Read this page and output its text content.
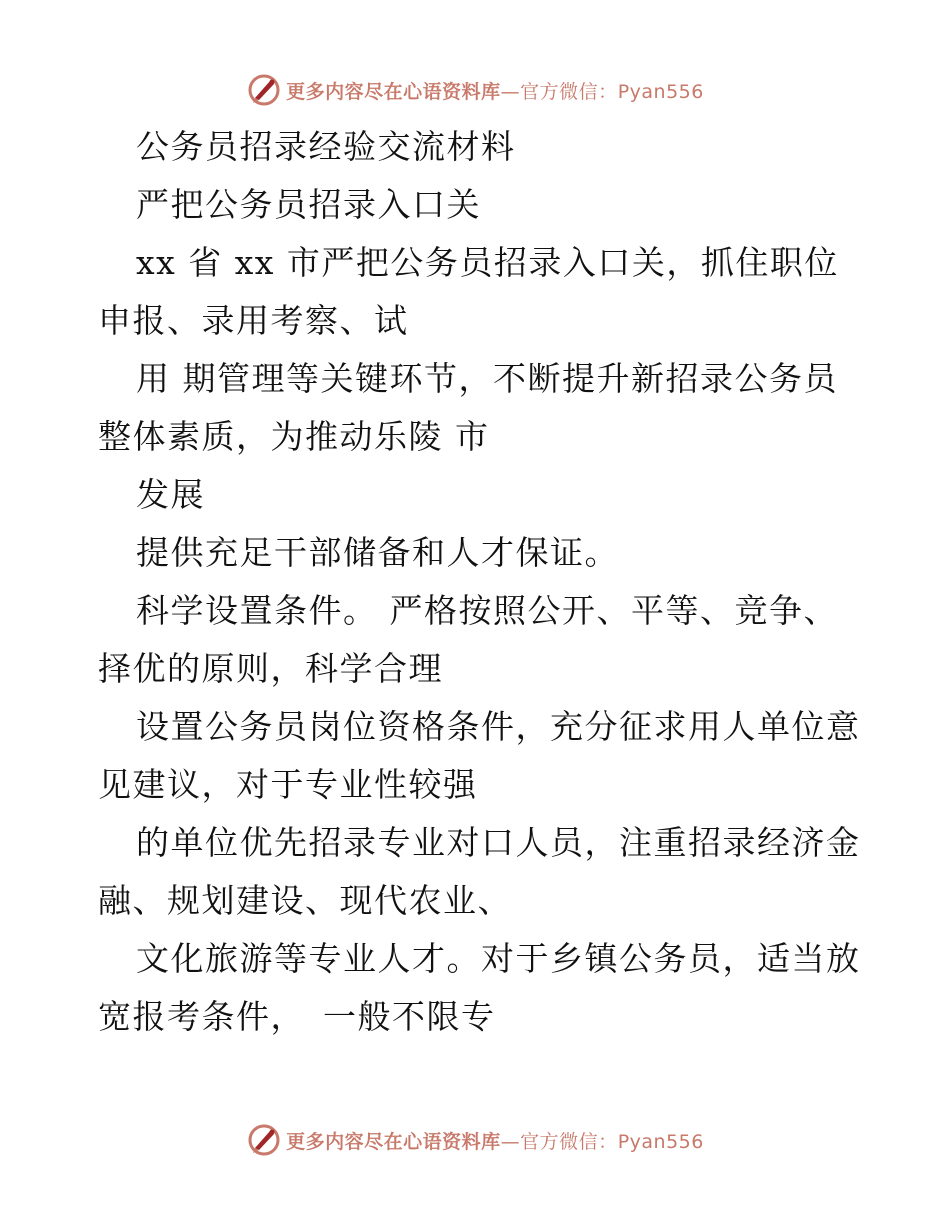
更多内容尽在心语资料库—官方微信：Pyan556

公务员招录经验交流材料

严把公务员招录入口关

xx 省 xx 市严把公务员招录入口关，抓住职位

申报、录用考察、试

用 期管理等关键环节，不断提升新招录公务员

整体素质，为推动乐陵 市

发展

提供充足干部储备和人才保证。

科学设置条件。 严格按照公开、平等、竞争、

择优的原则，科学合理

设置公务员岗位资格条件，充分征求用人单位意

见建议，对于专业性较强

的单位优先招录专业对口人员，注重招录经济金

融、规划建设、现代农业、

文化旅游等专业人才。对于乡镇公务员，适当放

宽报考条件，　一般不限专

更多内容尽在心语资料库—官方微信：Pyan556
